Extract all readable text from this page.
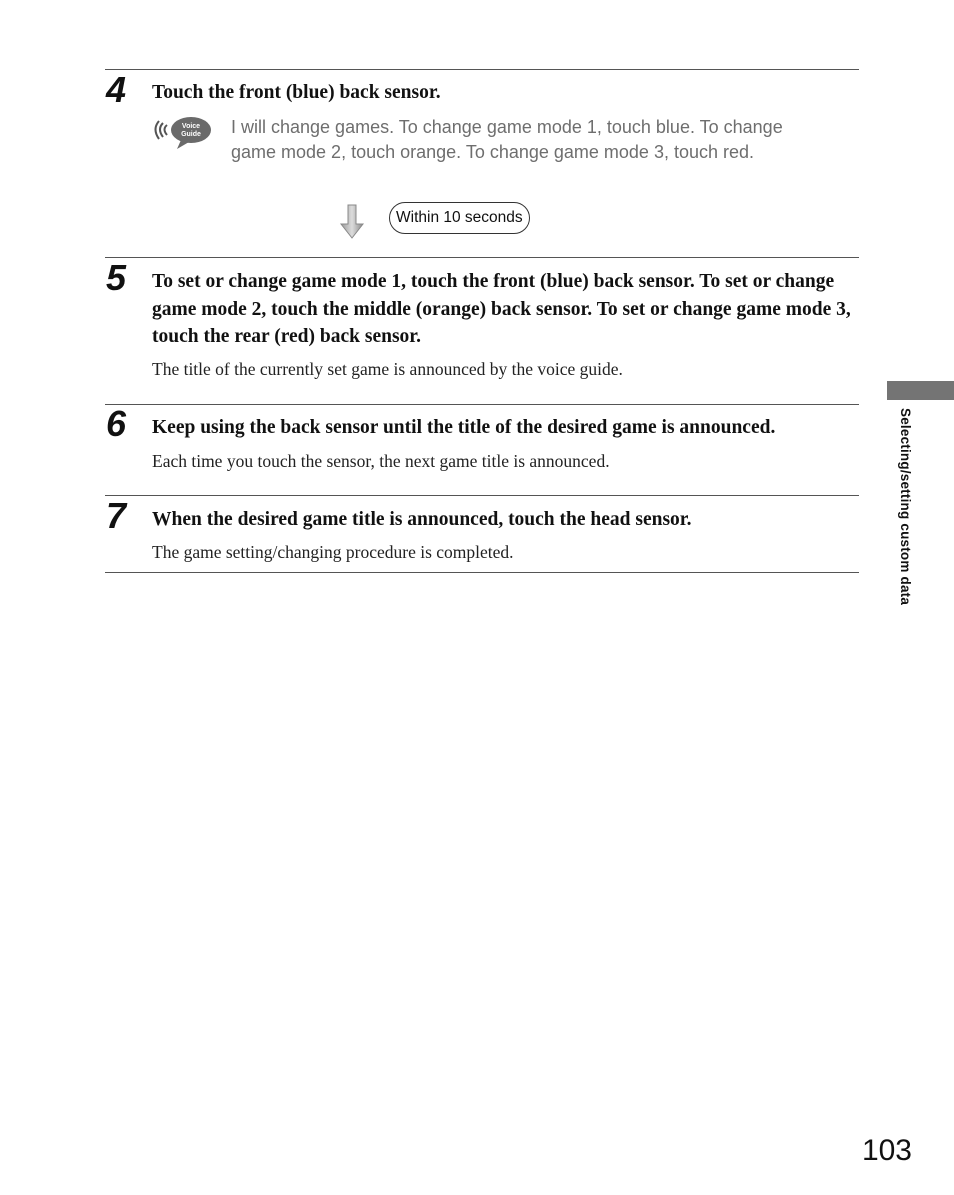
4 Touch the front (blue) back sensor.
Voice
Guide I will change games. To change game mode 1, touch blue. To change game mode 2, touch orange. To change game mode 3, touch red.
Within 10 seconds
5 To set or change game mode 1, touch the front (blue) back sensor. To set or change game mode 2, touch the middle (orange) back sensor. To set or change game mode 3, touch the rear (red) back sensor.
The title of the currently set game is announced by the voice guide.
6 Keep using the back sensor until the title of the desired game is announced.
Each time you touch the sensor, the next game title is announced.
7 When the desired game title is announced, touch the head sensor.
The game setting/changing procedure is completed.	Selecting/setting custom data
103
